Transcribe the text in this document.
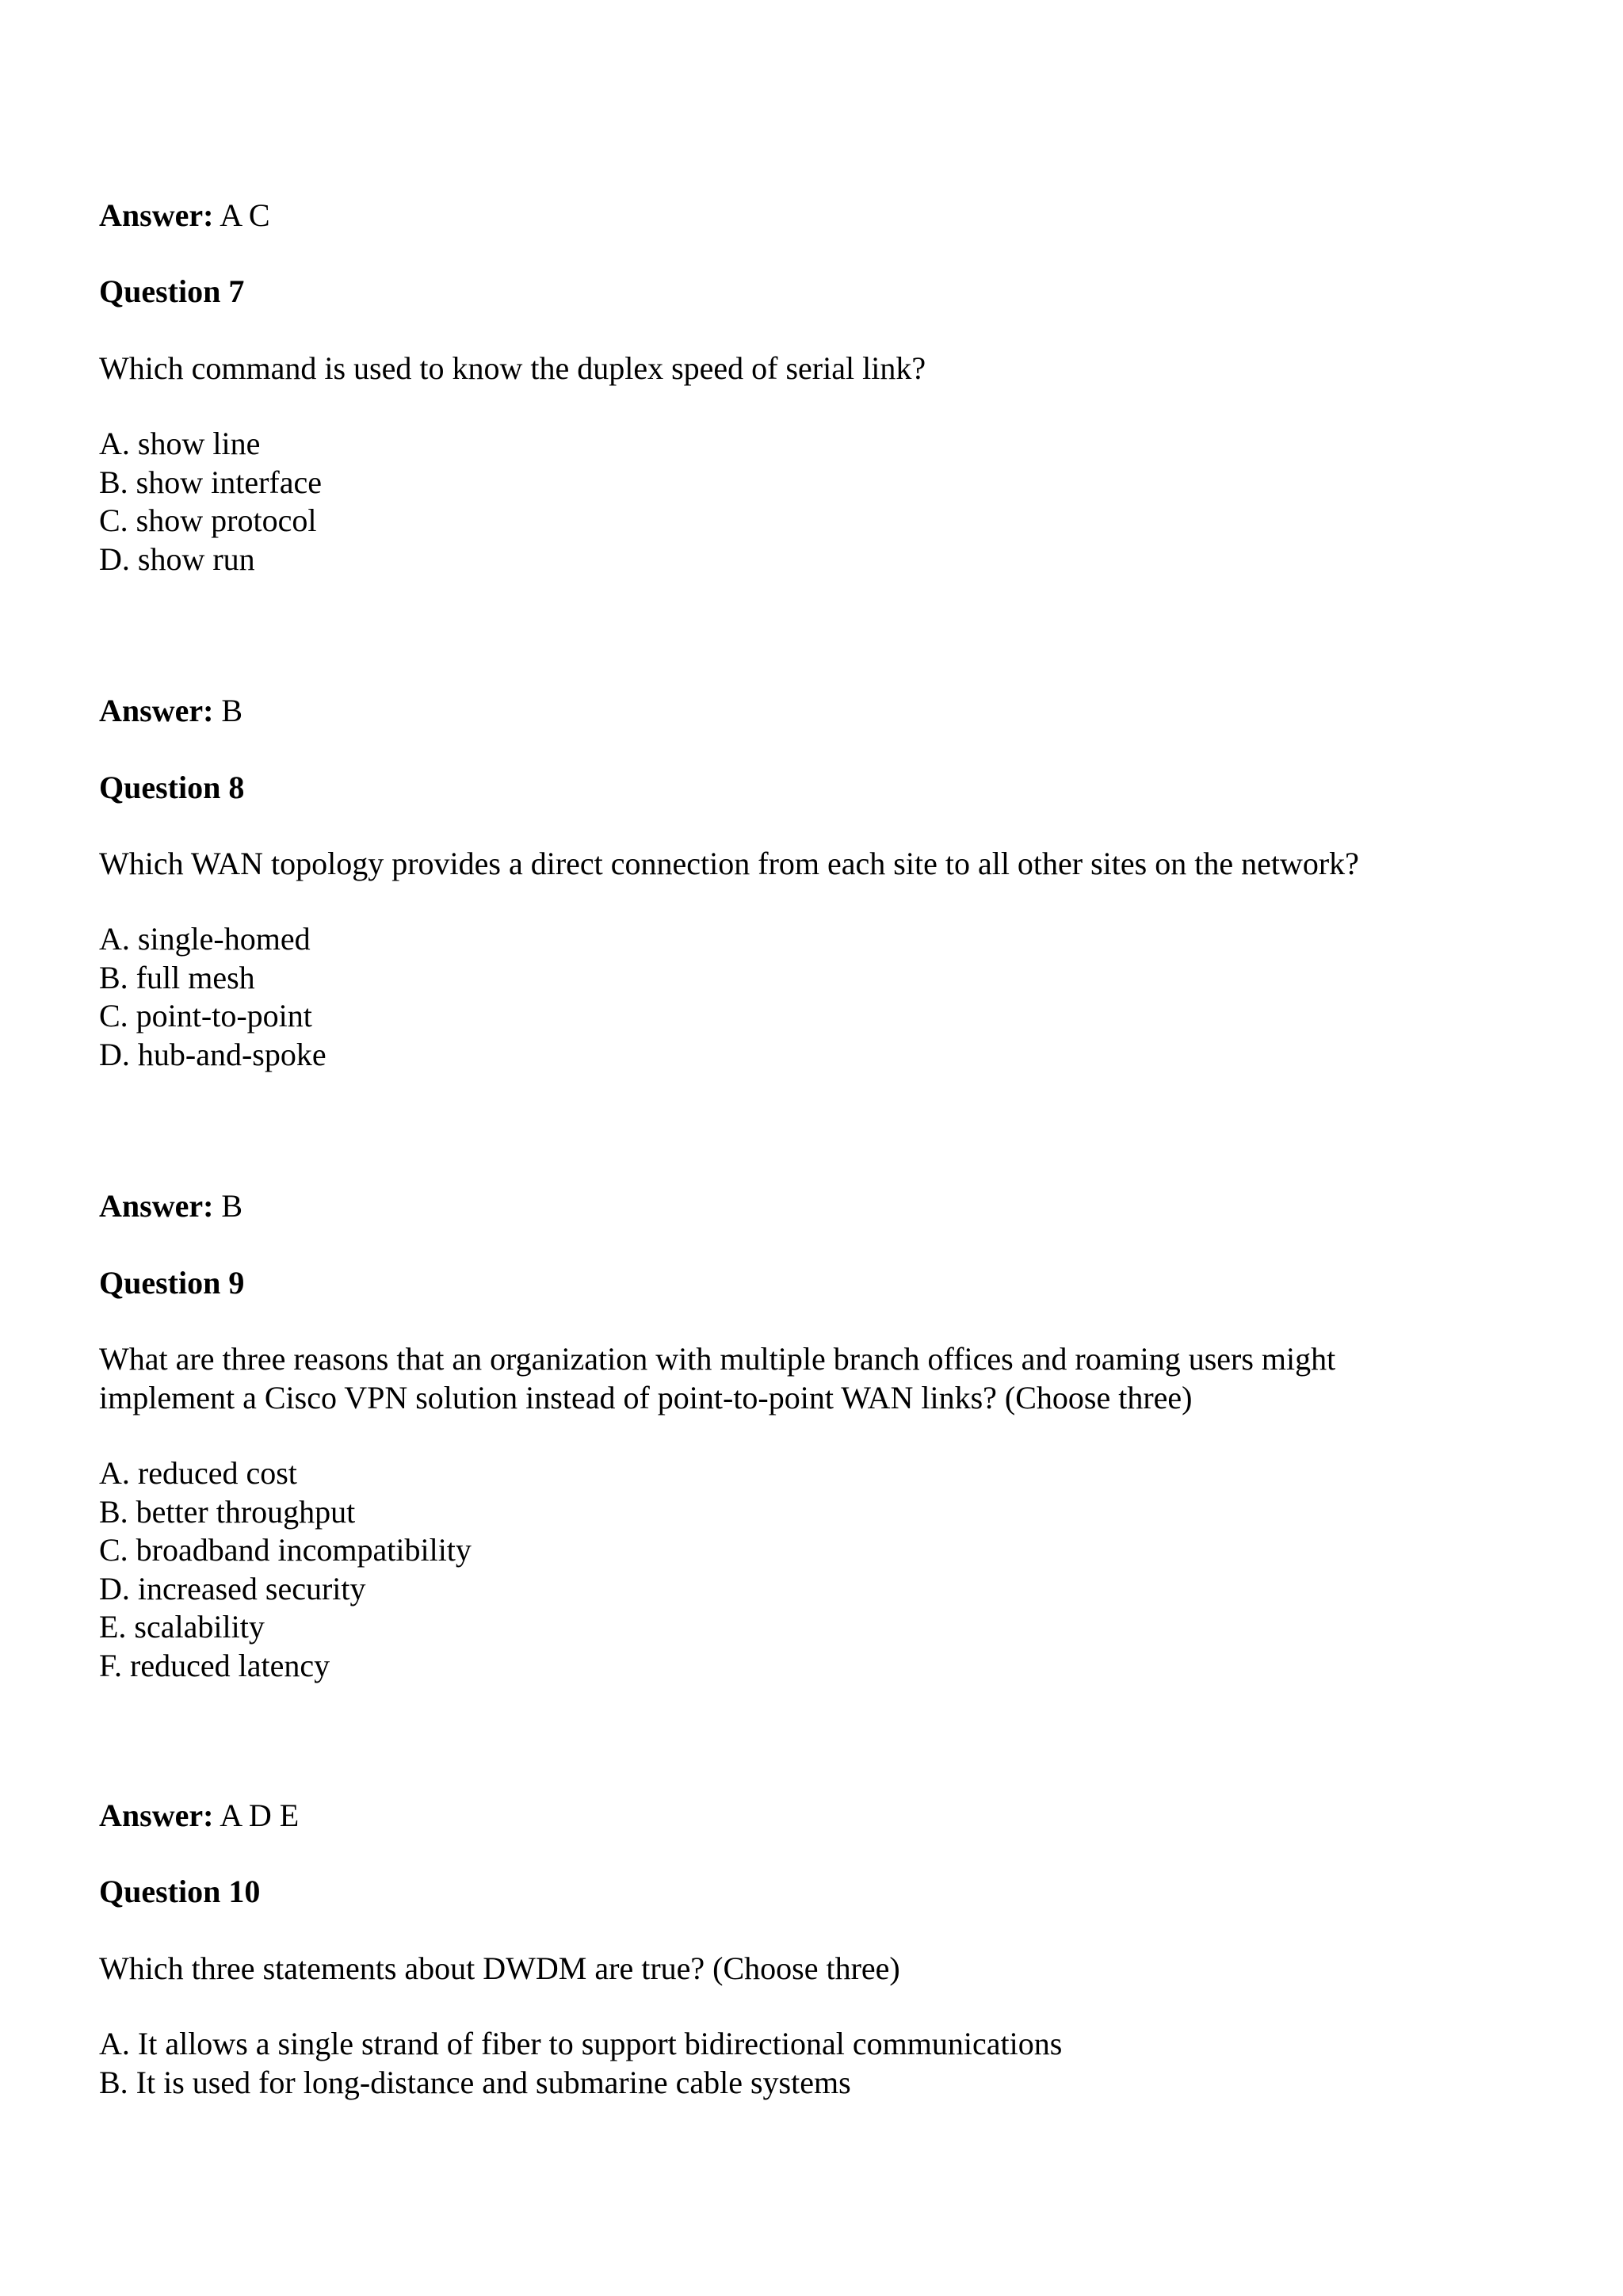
Answer: A C

Question 7

Which command is used to know the duplex speed of serial link?

A. show line

B. show interface

C. show protocol

D. show run

Answer: B

Question 8

Which WAN topology provides a direct connection from each site to all other sites on the network?

A. single-homed

B. full mesh

C. point-to-point

D. hub-and-spoke

Answer: B

Question 9

What are three reasons that an organization with multiple branch offices and roaming users might

implement a Cisco VPN solution instead of point-to-point WAN links? (Choose three)

A. reduced cost

B. better throughput

C. broadband incompatibility

D. increased security

E. scalability

F. reduced latency

Answer: A D E

Question 10

Which three statements about DWDM are true? (Choose three)

A. It allows a single strand of fiber to support bidirectional communications

B. It is used for long-distance and submarine cable systems
